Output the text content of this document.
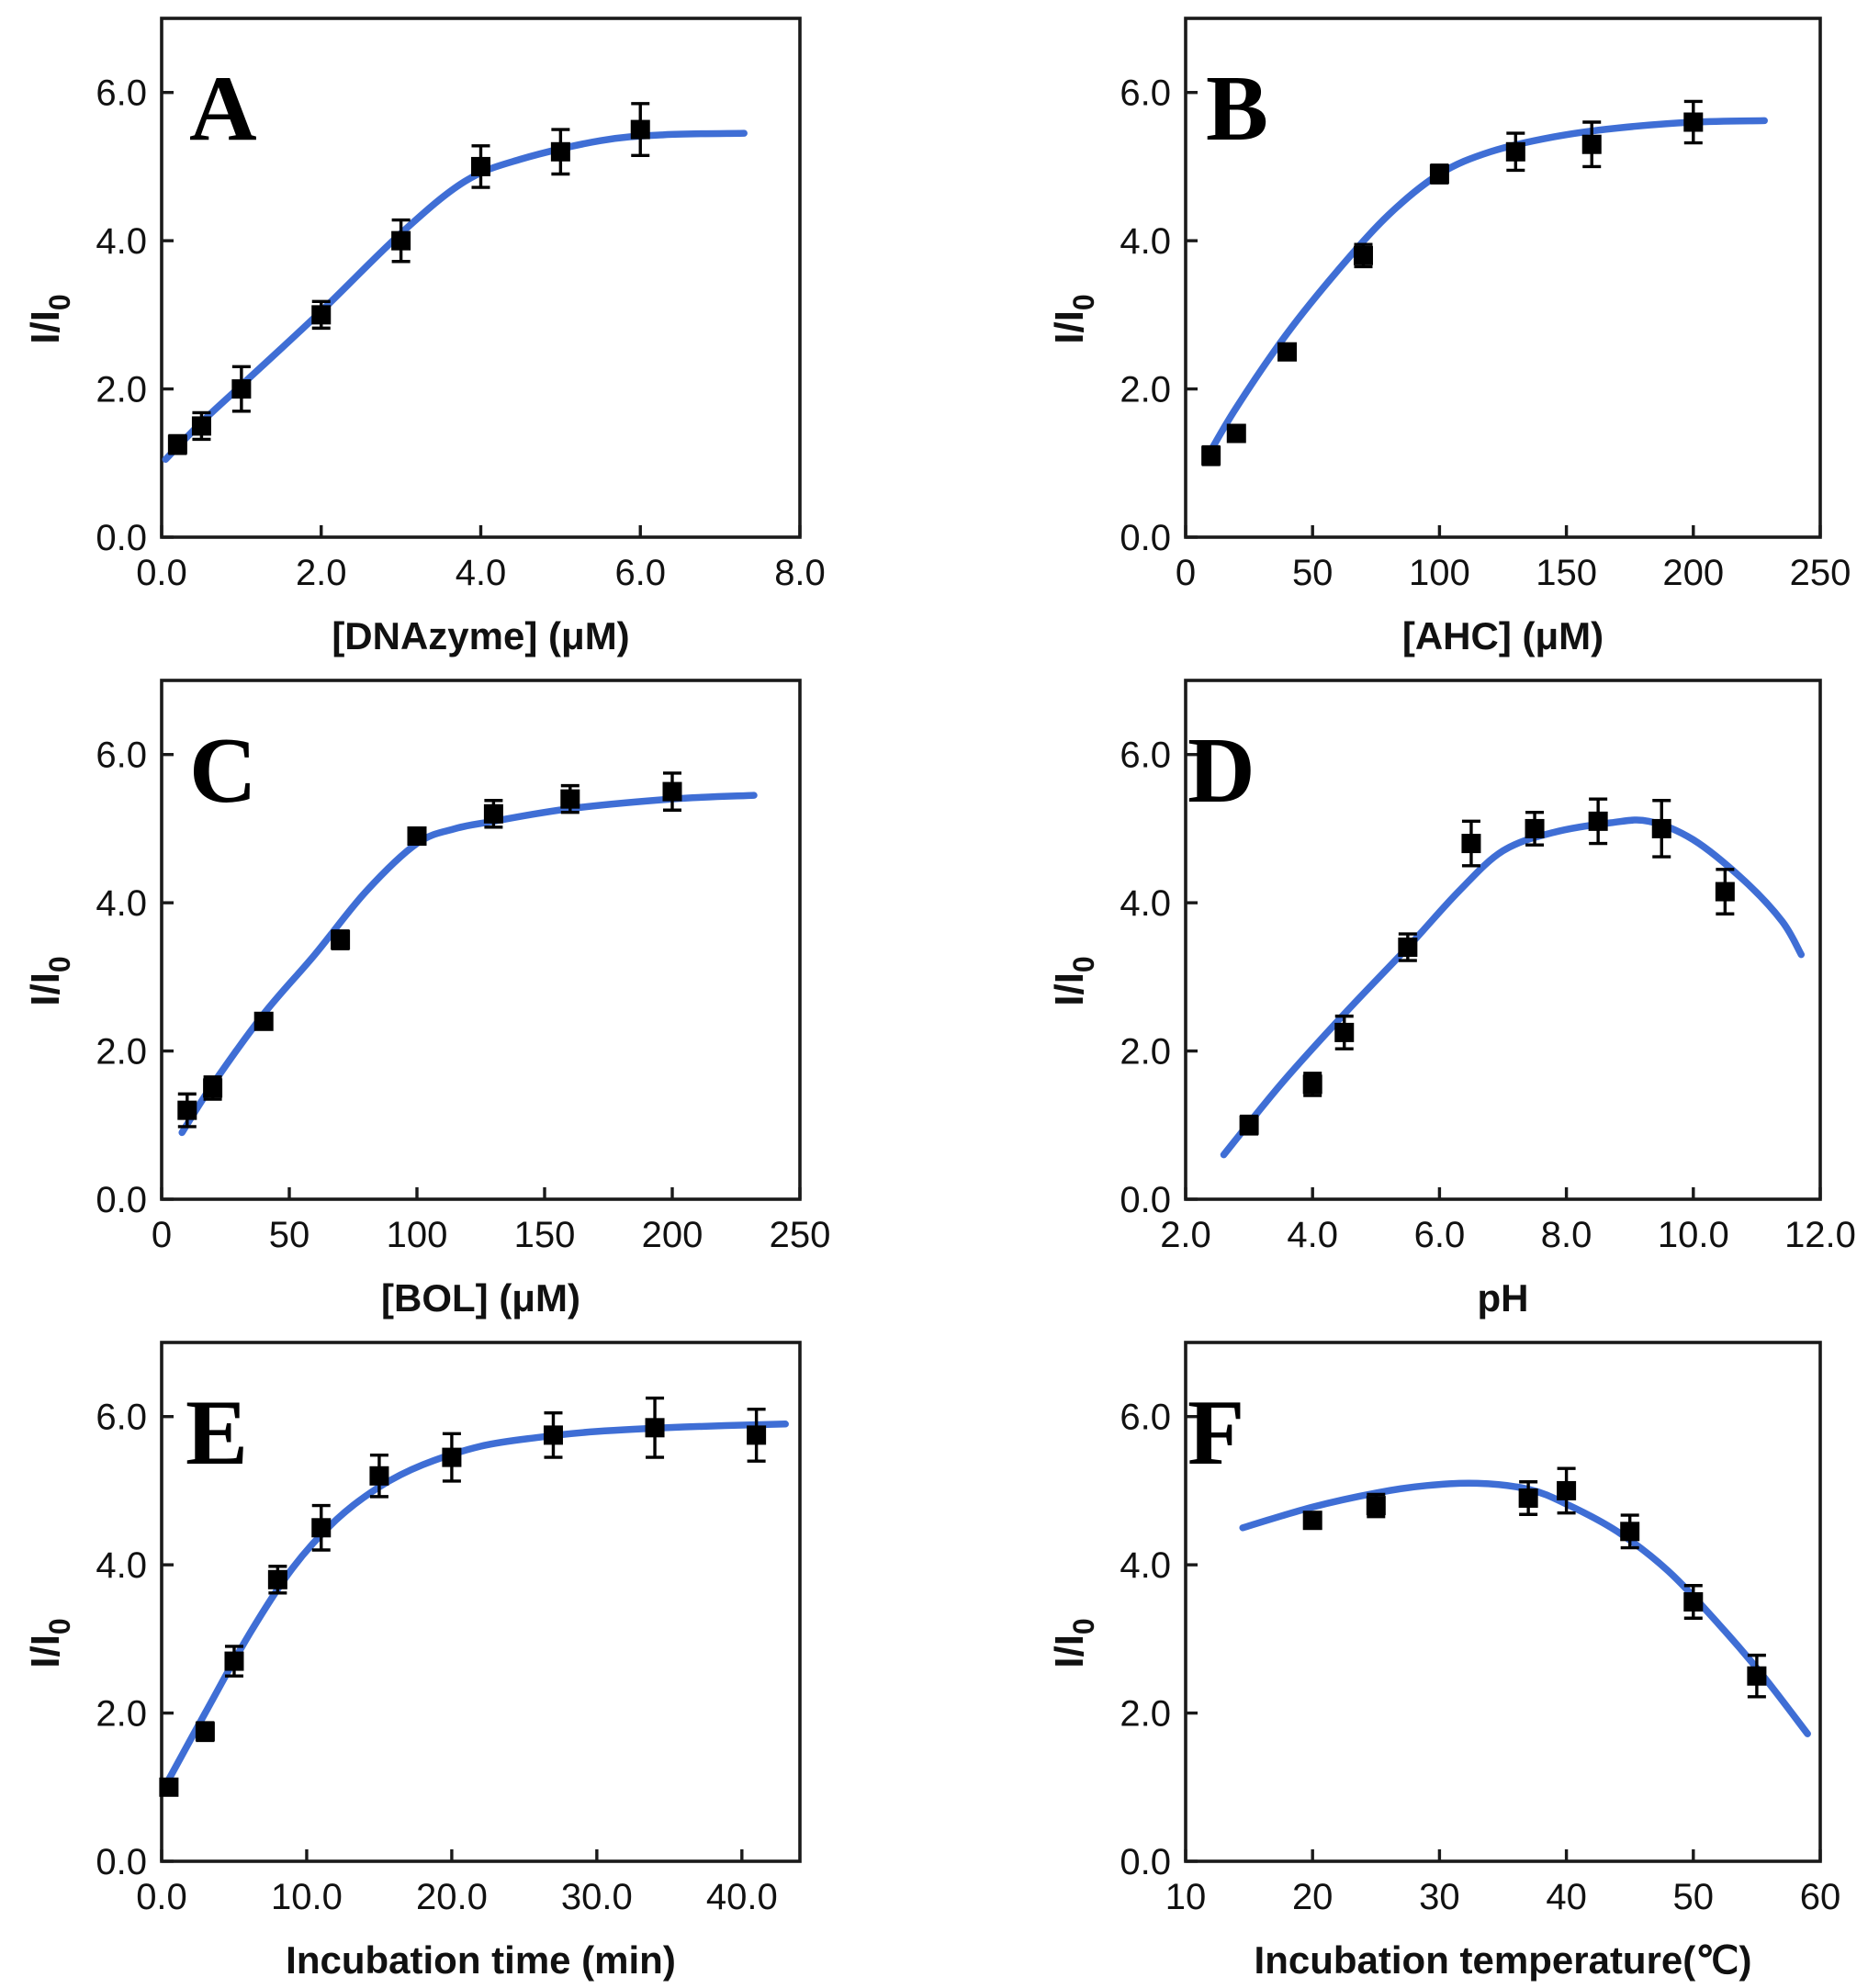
0.0	2.0	4.0	6.0	8.0
0.0
2.0
4.0
6.0
[DNAzyme] (μM)
$I/I_0$
A
0	50 100 150 200 250
0.0
2.0
4.0
6.0
[AHC] (μM)
$I/I_0$
B
0	50 100 150 200 250
0.0
2.0
4.0
6.0
[BOL] (μM)
$I/I_0$
C
2.0 4.0 6.0 8.0 10.0 12.0
0.0
2.0
4.0
6.0
pH
$I/I_0$
D
0.0 10.0 20.0 30.0 40.0
0.0
2.0
4.0
6.0
Incubation time (min)
$I/I_0$
E
10 20 30 40 50 60
0.0
2.0
4.0
6.0
Incubation temperature(℃)
$I/I_0$
F
